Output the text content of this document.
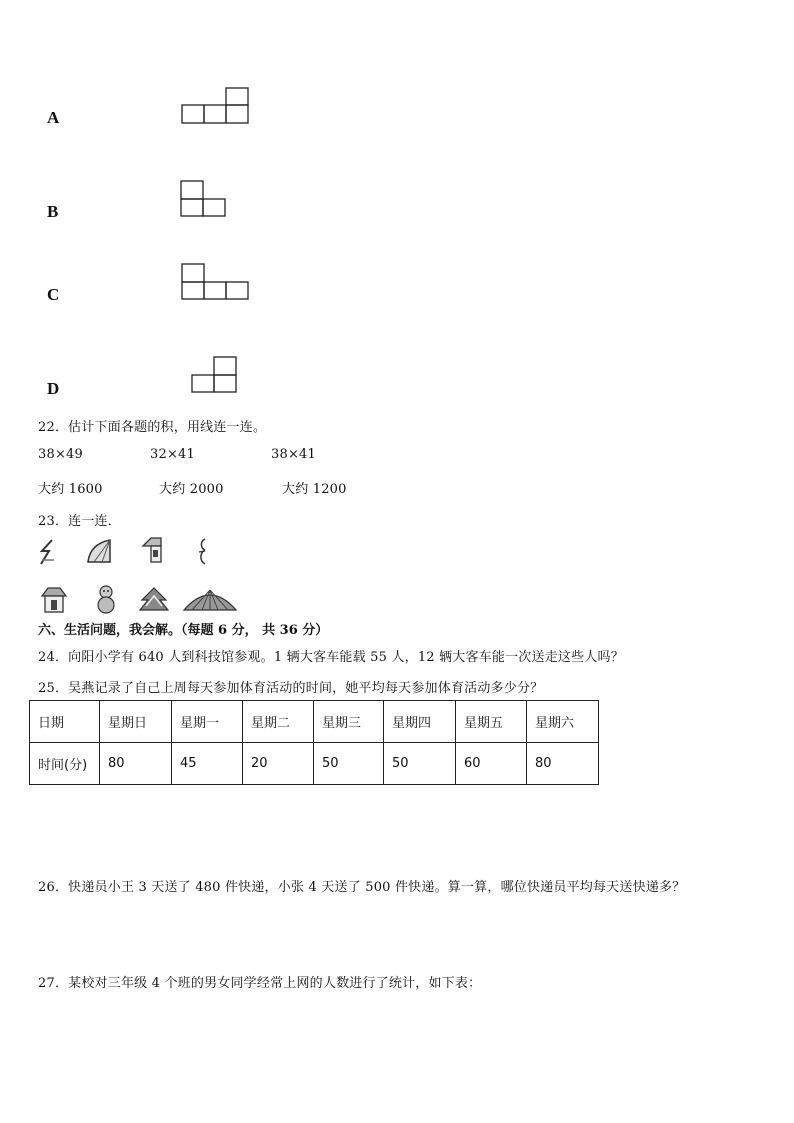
A
B
C
D
22．估计下面各题的积，用线连一连。
38×49	32×41	38×41
大约 1600	大约 2000	大约 1200
23．连一连．
六、生活问题，我会解。（每题 6 分， 共 36 分）
24．向阳小学有 640 人到科技馆参观。1 辆大客车能载 55 人，12 辆大客车能一次送走这些人吗？
25．吴燕记录了自己上周每天参加体育活动的时间，她平均每天参加体育活动多少分？
日期	星期日	星期一	星期二	星期三	星期四	星期五	星期六
时间(分)	80	45	20	50	50	60	80
26．快递员小王 3 天送了 480 件快递，小张 4 天送了 500 件快递。算一算，哪位快递员平均每天送快递多？
27．某校对三年级 4 个班的男女同学经常上网的人数进行了统计，如下表：
